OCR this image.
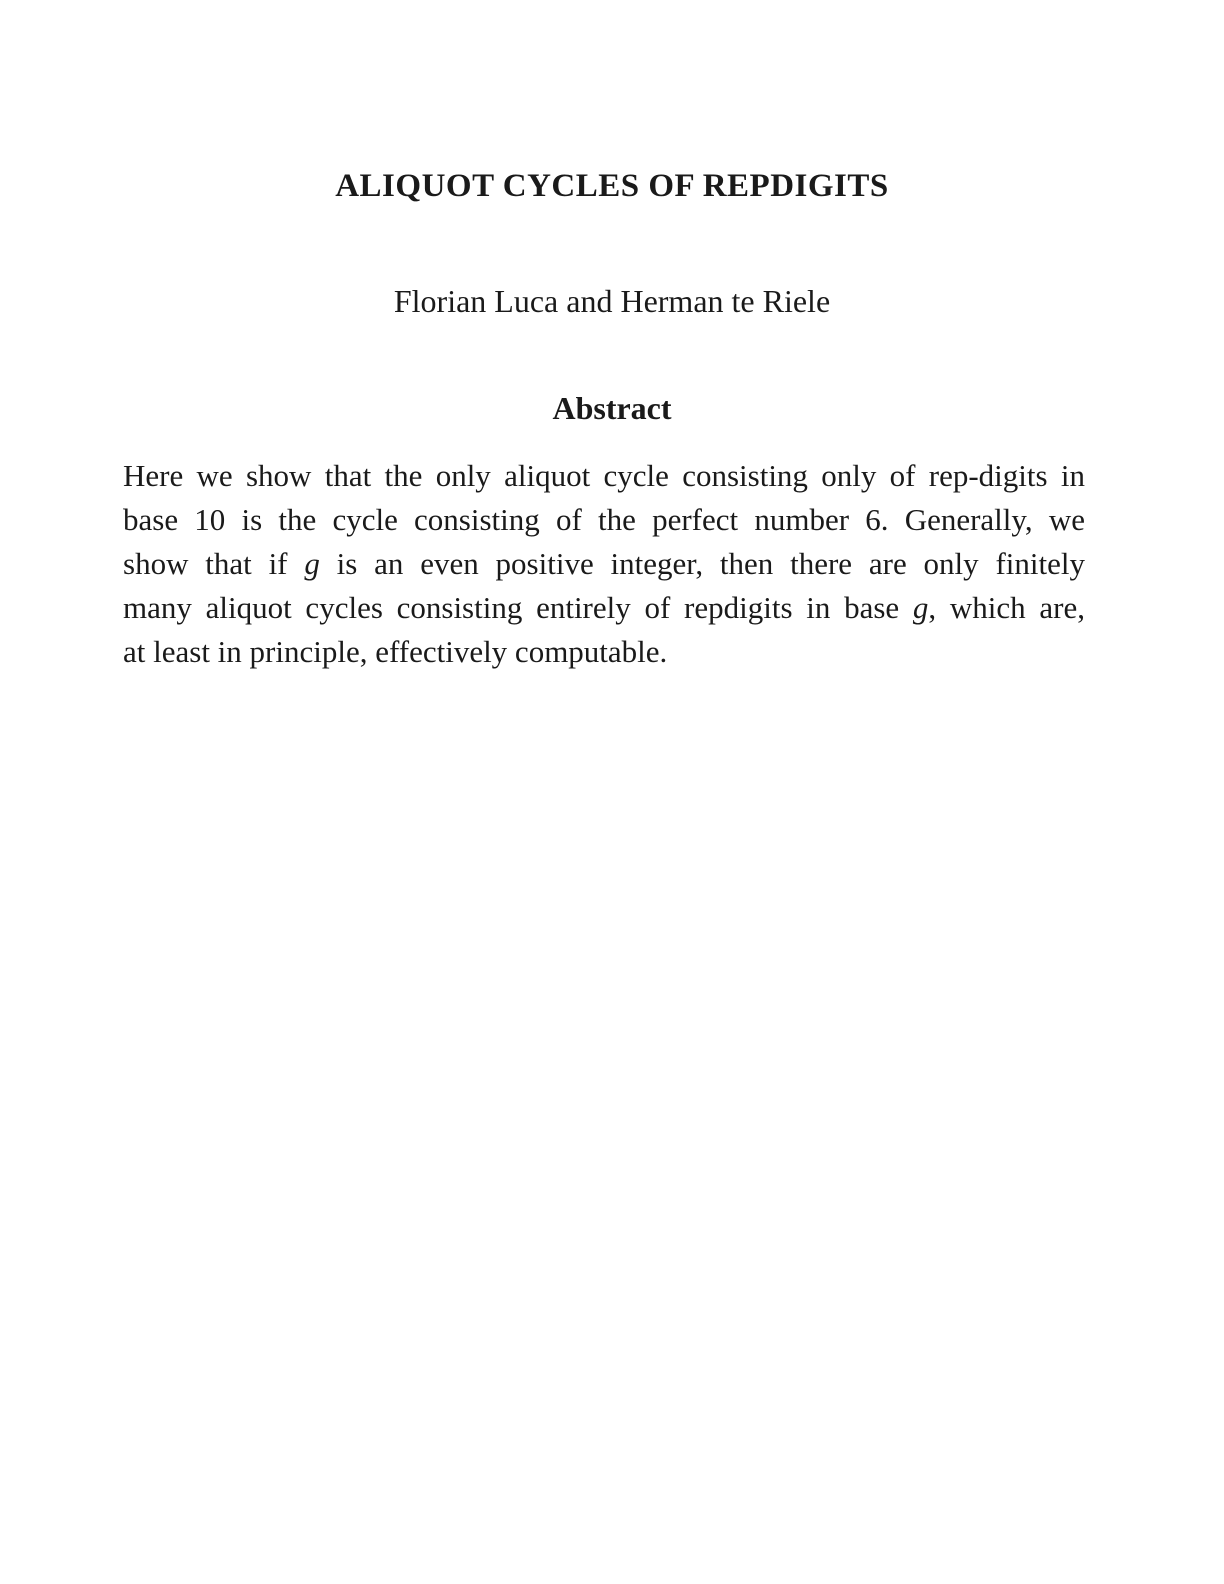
ALIQUOT CYCLES OF REPDIGITS

Florian Luca and Herman te Riele

Abstract
Here we show that the only aliquot cycle consisting only of rep-digits in
base 10 is the cycle consisting of the perfect number 6. Generally, we
show that if g is an even positive integer, then there are only finitely
many aliquot cycles consisting entirely of repdigits in base g, which are,
at least in principle, effectively computable.
